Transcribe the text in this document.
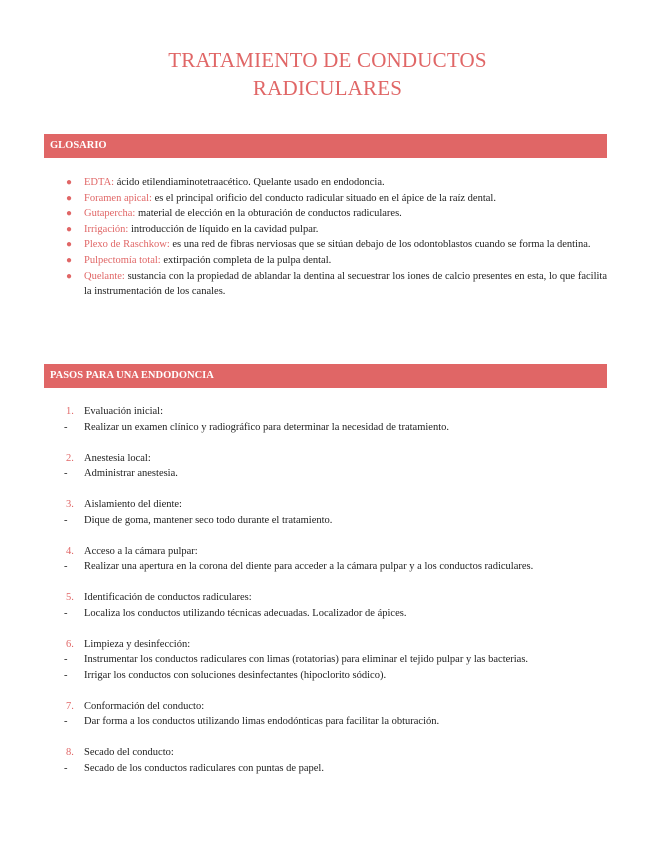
TRATAMIENTO DE CONDUCTOS
RADICULARES
GLOSARIO
● EDTA: ácido etilendiaminotetraacético. Quelante usado en endodoncia.
● Foramen apical: es el principal orificio del conducto radicular situado en el ápice de la raíz dental.
● Gutapercha: material de elección en la obturación de conductos radiculares.
● Irrigación: introducción de líquido en la cavidad pulpar.
● Plexo de Raschkow: es una red de fibras nerviosas que se sitúan debajo de los odontoblastos cuando se forma la dentina.
● Pulpectomía total: extirpación completa de la pulpa dental.
● Quelante: sustancia con la propiedad de ablandar la dentina al secuestrar los iones de calcio presentes en esta, lo que facilita la instrumentación de los canales.
PASOS PARA UNA ENDODONCIA
1. Evaluación inicial:
- Realizar un examen clínico y radiográfico para determinar la necesidad de tratamiento.
2. Anestesia local:
- Administrar anestesia.
3. Aislamiento del diente:
- Dique de goma, mantener seco todo durante el tratamiento.
4. Acceso a la cámara pulpar:
- Realizar una apertura en la corona del diente para acceder a la cámara pulpar y a los conductos radiculares.
5. Identificación de conductos radiculares:
- Localiza los conductos utilizando técnicas adecuadas. Localizador de ápices.
6. Limpieza y desinfección:
- Instrumentar los conductos radiculares con limas (rotatorias) para eliminar el tejido pulpar y las bacterias.
- Irrigar los conductos con soluciones desinfectantes (hipoclorito sódico).
7. Conformación del conducto:
- Dar forma a los conductos utilizando limas endodónticas para facilitar la obturación.
8. Secado del conducto:
- Secado de los conductos radiculares con puntas de papel.
